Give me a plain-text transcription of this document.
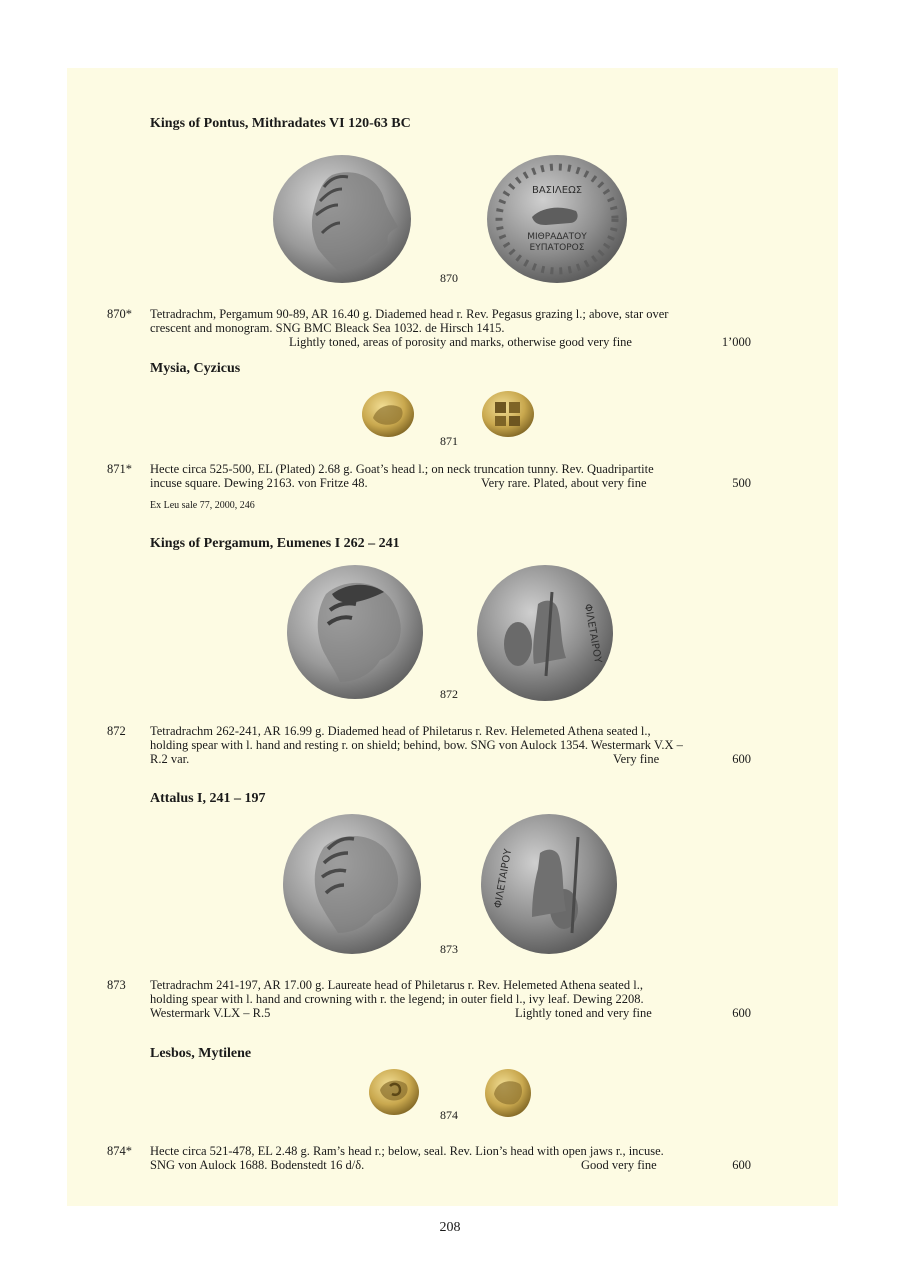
Kings of Pontus, Mithradates VI 120-63 BC
ΒΑΣΙΛΕΩΣ
ΜΙΘΡΑΔΑΤΟΥ
ΕΥΠΑΤΟΡΟΣ
870
870* Tetradrachm, Pergamum 90-89, AR 16.40 g. Diademed head r. Rev. Pegasus grazing l.; above, star over
crescent and monogram. SNG BMC Bleack Sea 1032. de Hirsch 1415.
Lightly toned, areas of porosity and marks, otherwise good very fine	1’000
Mysia, Cyzicus
871
871* Hecte circa 525-500, EL (Plated) 2.68 g. Goat’s head l.; on neck truncation tunny. Rev. Quadripartite
incuse square. Dewing 2163. von Fritze 48.	Very rare. Plated, about very fine	500
Ex Leu sale 77, 2000, 246
Kings of Pergamum, Eumenes I 262 – 241
ΦΙΛΕΤΑΙΡΟΥ
872
872 Tetradrachm 262-241, AR 16.99 g. Diademed head of Philetarus r. Rev. Helemeted Athena seated l.,
holding spear with l. hand and resting r. on shield; behind, bow. SNG von Aulock 1354. Westermark V.X –
R.2 var.	Very fine	600
Attalus I, 241 – 197
ΦΙΛΕΤΑΙΡΟΥ
873
873 Tetradrachm 241-197, AR 17.00 g. Laureate head of Philetarus r. Rev. Helemeted Athena seated l.,
holding spear with l. hand and crowning with r. the legend; in outer field l., ivy leaf. Dewing 2208.
Westermark V.LX – R.5	Lightly toned and very fine	600
Lesbos, Mytilene
874
874* Hecte circa 521-478, EL 2.48 g. Ram’s head r.; below, seal. Rev. Lion’s head with open jaws r., incuse.
SNG von Aulock 1688. Bodenstedt 16 d/δ.	Good very fine	600
208
